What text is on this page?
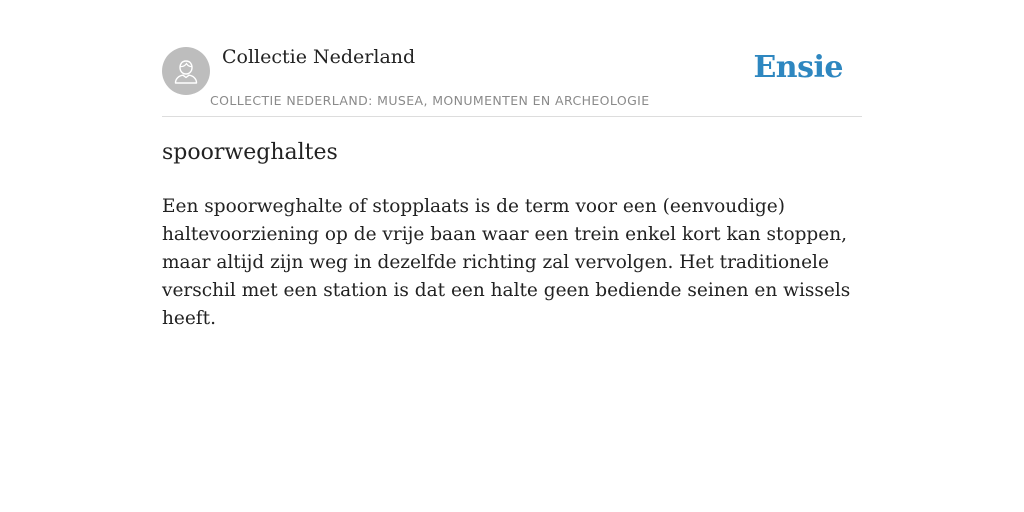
Collectie Nederland
COLLECTIE NEDERLAND: MUSEA, MONUMENTEN EN ARCHEOLOGIE
Ensie
spoorweghaltes

Een spoorweghalte of stopplaats is de term voor een (eenvoudige) haltevoorziening op de vrije baan waar een trein enkel kort kan stoppen, maar altijd zijn weg in dezelfde richting zal vervolgen. Het traditionele verschil met een station is dat een halte geen bediende seinen en wissels heeft.
